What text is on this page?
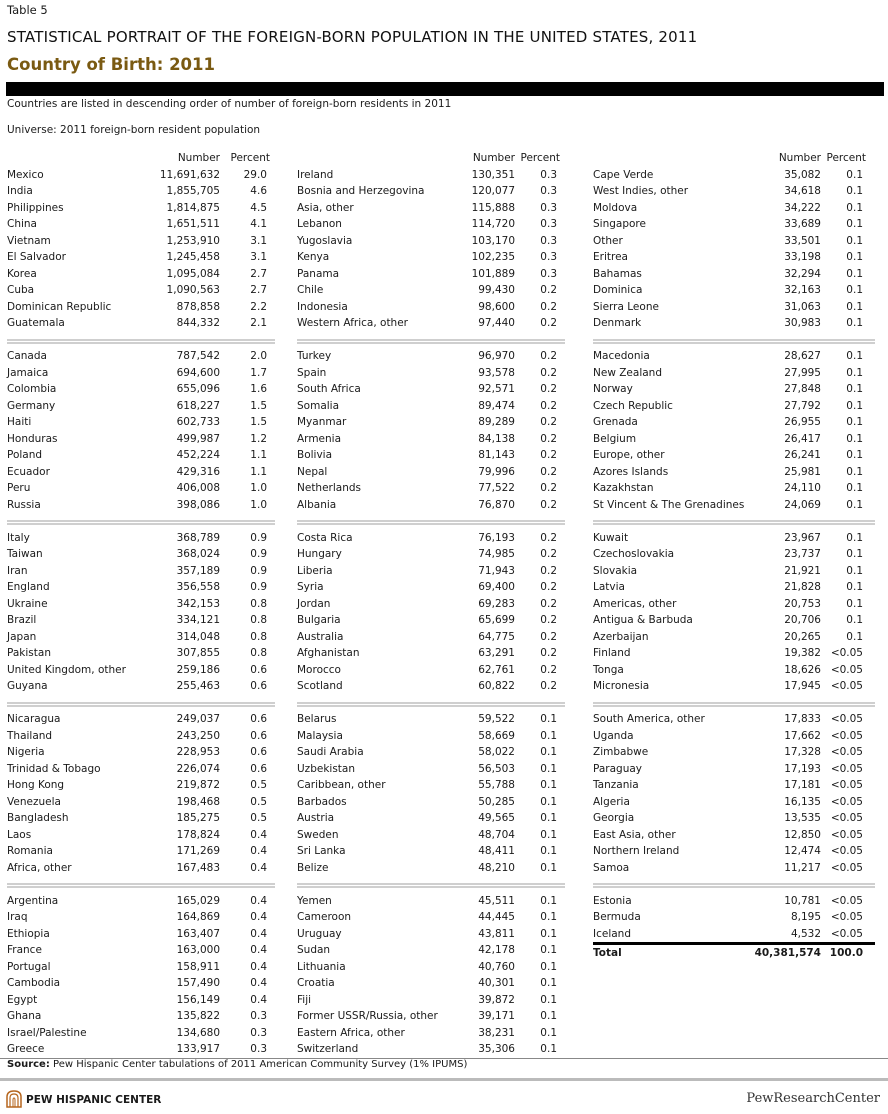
Table 5
STATISTICAL PORTRAIT OF THE FOREIGN-BORN POPULATION IN THE UNITED STATES, 2011
Country of Birth: 2011
Countries are listed in descending order of number of foreign-born residents in 2011
Universe: 2011 foreign-born resident population
Number Percent
Mexico	11,691,632 29.0
India	1,855,705	4.6
Philippines	1,814,875	4.5
China	1,651,511	4.1
Vietnam	1,253,910	3.1
El Salvador	1,245,458	3.1
Korea	1,095,084	2.7
Cuba	1,090,563	2.7
Dominican Republic	878,858	2.2
Guatemala	844,332	2.1
Canada	787,542	2.0
Jamaica	694,600	1.7
Colombia	655,096	1.6
Germany	618,227	1.5
Haiti	602,733	1.5
Honduras	499,987	1.2
Poland	452,224	1.1
Ecuador	429,316	1.1
Peru	406,008	1.0
Russia	398,086	1.0
Italy	368,789	0.9
Taiwan	368,024	0.9
Iran	357,189	0.9
England	356,558	0.9
Ukraine	342,153	0.8
Brazil	334,121	0.8
Japan	314,048	0.8
Pakistan	307,855	0.8
United Kingdom, other	259,186	0.6
Guyana	255,463	0.6
Nicaragua	249,037	0.6
Thailand	243,250	0.6
Nigeria	228,953	0.6
Trinidad & Tobago	226,074	0.6
Hong Kong	219,872	0.5
Venezuela	198,468	0.5
Bangladesh	185,275	0.5
Laos	178,824	0.4
Romania	171,269	0.4
Africa, other	167,483	0.4
Argentina	165,029	0.4
Iraq	164,869	0.4
Ethiopia	163,407	0.4
France	163,000	0.4
Portugal	158,911	0.4
Cambodia	157,490	0.4
Egypt	156,149	0.4
Ghana	135,822	0.3
Israel/Palestine	134,680	0.3
Greece	133,917	0.3
Number Percent
Ireland	130,351 0.3
Bosnia and Herzegovina	120,077 0.3
Asia, other	115,888 0.3
Lebanon	114,720 0.3
Yugoslavia	103,170 0.3
Kenya	102,235 0.3
Panama	101,889 0.3
Chile	99,430 0.2
Indonesia	98,600 0.2
Western Africa, other	97,440 0.2
Turkey	96,970 0.2
Spain	93,578 0.2
South Africa	92,571 0.2
Somalia	89,474 0.2
Myanmar	89,289 0.2
Armenia	84,138 0.2
Bolivia	81,143 0.2
Nepal	79,996 0.2
Netherlands	77,522 0.2
Albania	76,870 0.2
Costa Rica	76,193 0.2
Hungary	74,985 0.2
Liberia	71,943 0.2
Syria	69,400 0.2
Jordan	69,283 0.2
Bulgaria	65,699 0.2
Australia	64,775 0.2
Afghanistan	63,291 0.2
Morocco	62,761 0.2
Scotland	60,822 0.2
Belarus	59,522 0.1
Malaysia	58,669 0.1
Saudi Arabia	58,022 0.1
Uzbekistan	56,503 0.1
Caribbean, other	55,788 0.1
Barbados	50,285 0.1
Austria	49,565 0.1
Sweden	48,704 0.1
Sri Lanka	48,411 0.1
Belize	48,210 0.1
Yemen	45,511 0.1
Cameroon	44,445 0.1
Uruguay	43,811 0.1
Sudan	42,178 0.1
Lithuania	40,760 0.1
Croatia	40,301 0.1
Fiji	39,872 0.1
Former USSR/Russia, other	39,171 0.1
Eastern Africa, other	38,231 0.1
Switzerland	35,306 0.1
Number Percent
Cape Verde	35,082 0.1
West Indies, other	34,618 0.1
Moldova	34,222 0.1
Singapore	33,689 0.1
Other	33,501 0.1
Eritrea	33,198 0.1
Bahamas	32,294 0.1
Dominica	32,163 0.1
Sierra Leone	31,063 0.1
Denmark	30,983 0.1
Macedonia	28,627 0.1
New Zealand	27,995 0.1
Norway	27,848 0.1
Czech Republic	27,792 0.1
Grenada	26,955 0.1
Belgium	26,417 0.1
Europe, other	26,241 0.1
Azores Islands	25,981 0.1
Kazakhstan	24,110 0.1
St Vincent & The Grenadines	24,069 0.1
Kuwait	23,967 0.1
Czechoslovakia	23,737 0.1
Slovakia	21,921 0.1
Latvia	21,828 0.1
Americas, other	20,753 0.1
Antigua & Barbuda	20,706 0.1
Azerbaijan	20,265 0.1
Finland	19,382 <0.05
Tonga	18,626 <0.05
Micronesia	17,945 <0.05
South America, other	17,833 <0.05
Uganda	17,662 <0.05
Zimbabwe	17,328 <0.05
Paraguay	17,193 <0.05
Tanzania	17,181 <0.05
Algeria	16,135 <0.05
Georgia	13,535 <0.05
East Asia, other	12,850 <0.05
Northern Ireland	12,474 <0.05
Samoa	11,217 <0.05
Estonia	10,781 <0.05
Bermuda	8,195 <0.05
Iceland	4,532 <0.05
Total	40,381,574 100.0
Source: Pew Hispanic Center tabulations of 2011 American Community Survey (1% IPUMS)
PEW HISPANIC CENTER	PewResearchCenter
